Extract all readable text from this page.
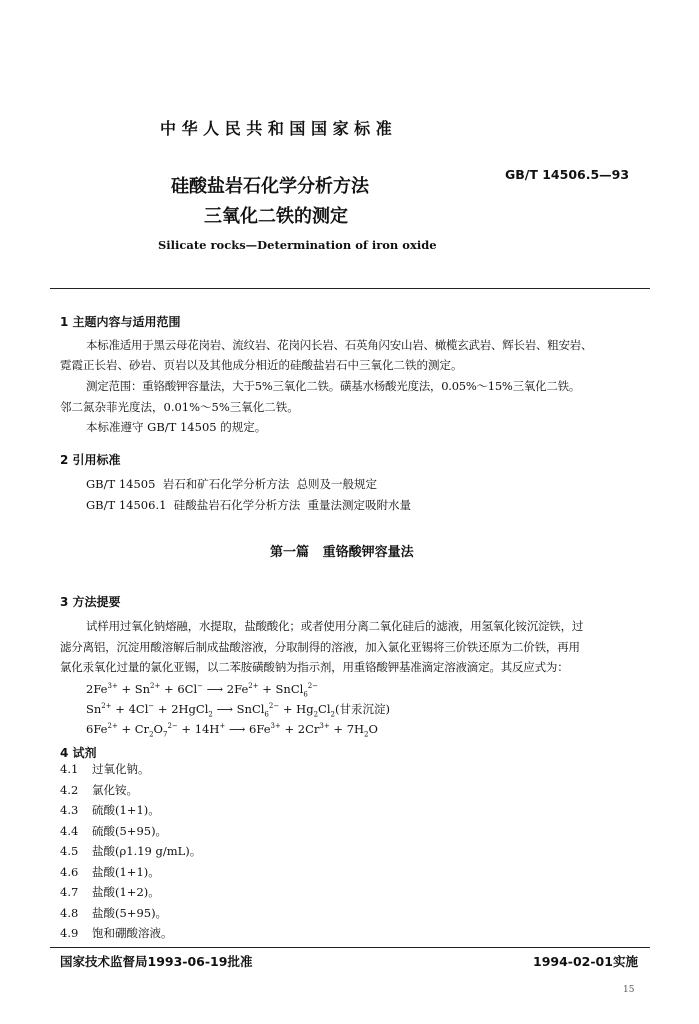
中 华 人 民 共 和 国 国 家 标 准
硅酸盐岩石化学分析方法
三氧化二铁的测定
GB/T 14506.5—93
Silicate rocks—Determination of iron oxide
1 主题内容与适用范围
本标准适用于黑云母花岗岩、流纹岩、花岗闪长岩、石英角闪安山岩、橄榄玄武岩、辉长岩、粗安岩、
霓霞正长岩、砂岩、页岩以及其他成分相近的硅酸盐岩石中三氧化二铁的测定。
测定范围：重铬酸钾容量法，大于5%三氧化二铁。磺基水杨酸光度法，0.05%～15%三氧化二铁。
邻二氮杂菲光度法，0.01%～5%三氧化二铁。
本标准遵守 GB/T 14505 的规定。
2 引用标准
GB/T 14505  岩石和矿石化学分析方法  总则及一般规定
GB/T 14506.1  硅酸盐岩石化学分析方法  重量法测定吸附水量
第一篇   重铬酸钾容量法
3 方法提要
试样用过氧化钠熔融，水提取，盐酸酸化；或者使用分离二氧化硅后的滤液，用氢氧化铵沉淀铁，过
滤分离铝，沉淀用酸溶解后制成盐酸溶液，分取制得的溶液，加入氯化亚锡将三价铁还原为二价铁，再用
氯化汞氧化过量的氯化亚锡，以二苯胺磺酸钠为指示剂，用重铬酸钾基准滴定溶液滴定。其反应式为：
$2Fe^{3+} + Sn^{2+} + 6Cl^-$ ⟶ $2Fe^{2+}$ + SnCl$_6^{2-}$
$Sn^{2+} + 4Cl^-$ + 2HgCl$_2$ ⟶ SnCl$_6^{2-}$ + $Hg_2Cl_2$(甘汞沉淀)
$6Fe^{2+} + Cr_2O_7^{2-} + 14H^+$ ⟶ $6Fe^{3+} + 2Cr^{3+} + 7H_2O$
4 试剂
4.1 过氧化钠。
4.2 氯化铵。
4.3 硫酸(1+1)。
4.4 硫酸(5+95)。
4.5 盐酸(ρ1.19 g/mL)。
4.6 盐酸(1+1)。
4.7 盐酸(1+2)。
4.8 盐酸(5+95)。
4.9 饱和硼酸溶液。
国家技术监督局1993-06-19批准	1994-02-01实施
15
